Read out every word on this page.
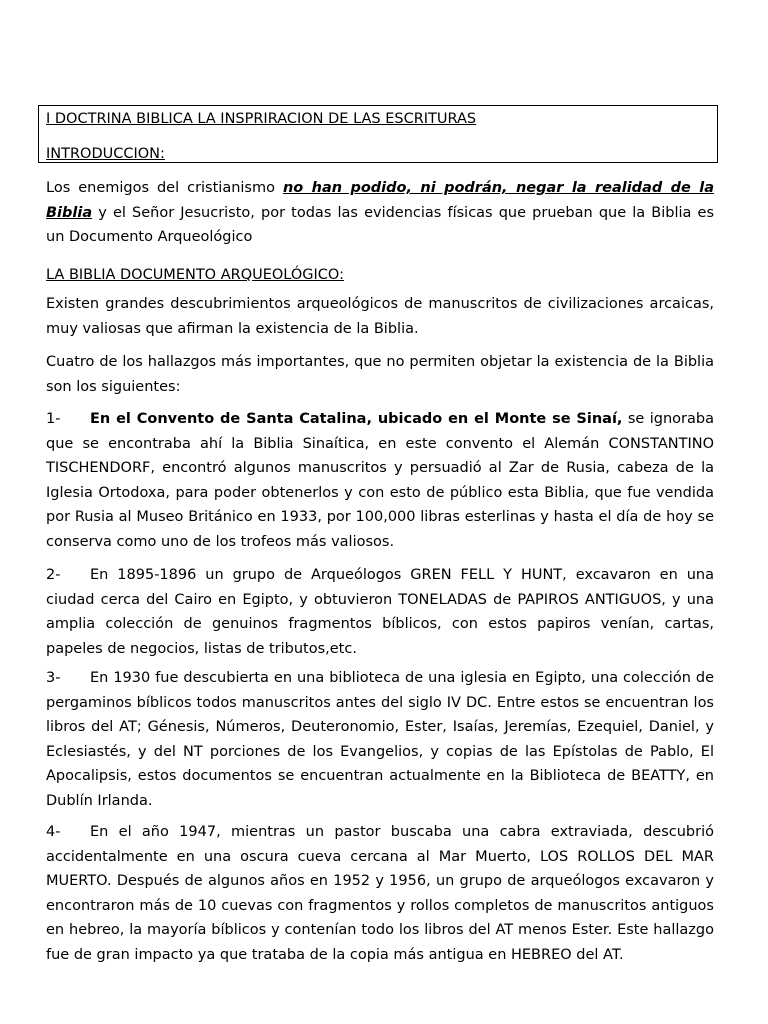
I DOCTRINA BIBLICA LA INSPRIRACION DE LAS ESCRITURAS
INTRODUCCION:
Los enemigos del cristianismo no han podido, ni podrán, negar la realidad de la Biblia y el Señor Jesucristo, por todas las evidencias físicas que prueban que la Biblia es un Documento Arqueológico
LA BIBLIA DOCUMENTO ARQUEOLÓGICO:
Existen grandes descubrimientos arqueológicos de manuscritos de civilizaciones arcaicas, muy valiosas que afirman la existencia de la Biblia.
Cuatro de los hallazgos más importantes, que no permiten objetar la existencia de la Biblia son los siguientes:
1- En el Convento de Santa Catalina, ubicado en el Monte se Sinaí, se ignoraba que se encontraba ahí la Biblia Sinaítica, en este convento el Alemán CONSTANTINO TISCHENDORF, encontró algunos manuscritos y persuadió al Zar de Rusia, cabeza de la Iglesia Ortodoxa, para poder obtenerlos y con esto de público esta Biblia, que fue vendida por Rusia al Museo Británico en 1933, por 100,000 libras esterlinas y hasta el día de hoy se conserva como uno de los trofeos más valiosos.
2- En 1895-1896 un grupo de Arqueólogos GREN FELL Y HUNT, excavaron en una ciudad cerca del Cairo en Egipto, y obtuvieron TONELADAS de PAPIROS ANTIGUOS, y una amplia colección de genuinos fragmentos bíblicos, con estos papiros venían, cartas, papeles de negocios, listas de tributos,etc.
3- En 1930 fue descubierta en una biblioteca de una iglesia en Egipto, una colección de pergaminos bíblicos todos manuscritos antes del siglo IV DC. Entre estos se encuentran los libros del AT; Génesis, Números, Deuteronomio, Ester, Isaías, Jeremías, Ezequiel, Daniel, y Eclesiastés, y del NT porciones de los Evangelios, y copias de las Epístolas de Pablo, El Apocalipsis, estos documentos se encuentran actualmente en la Biblioteca de BEATTY, en Dublín Irlanda.
4- En el año 1947, mientras un pastor buscaba una cabra extraviada, descubrió accidentalmente en una oscura cueva cercana al Mar Muerto, LOS ROLLOS DEL MAR MUERTO. Después de algunos años en 1952 y 1956, un grupo de arqueólogos excavaron y encontraron más de 10 cuevas con fragmentos y rollos completos de manuscritos antiguos en hebreo, la mayoría bíblicos y contenían todo los libros del AT menos Ester. Este hallazgo fue de gran impacto ya que trataba de la copia más antigua en HEBREO del AT.
